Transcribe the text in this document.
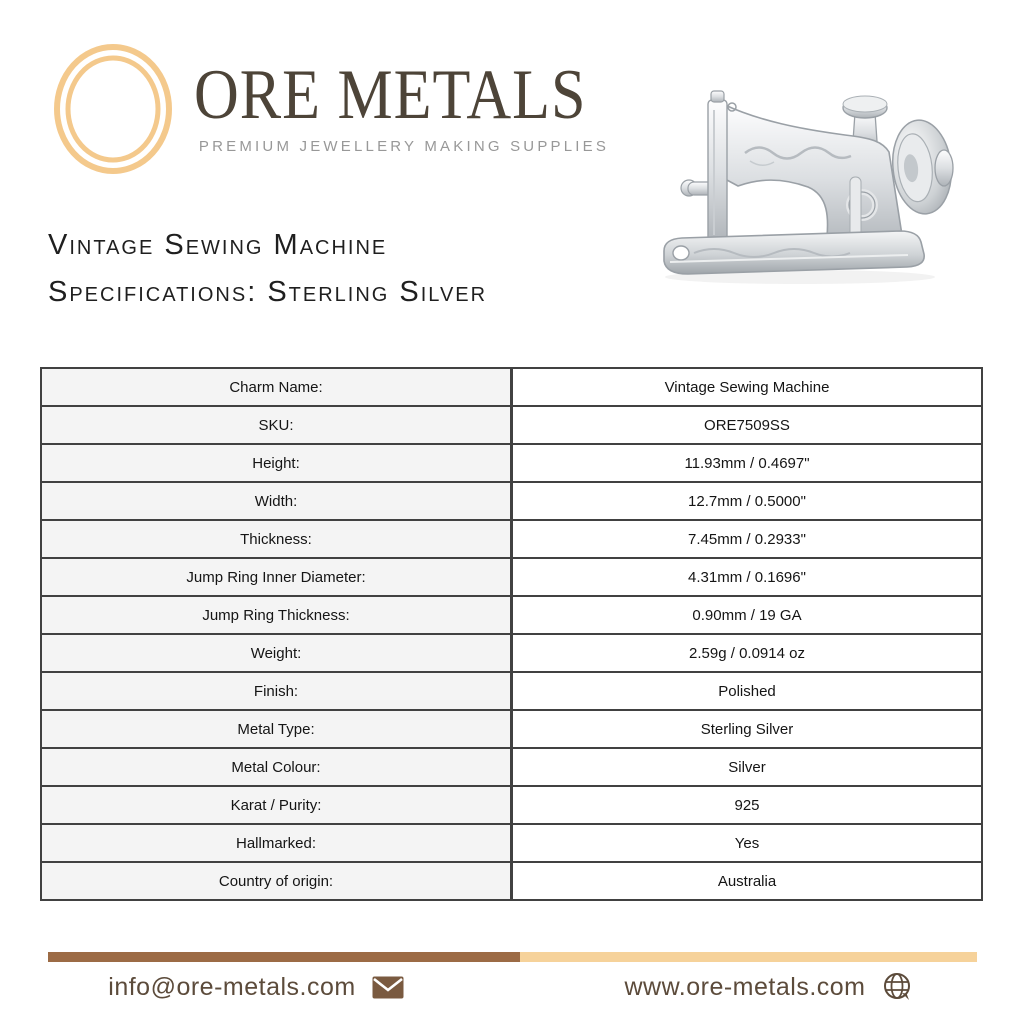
ORE METALS
PREMIUM JEWELLERY MAKING SUPPLIES
Vintage Sewing Machine
Specifications: Sterling Silver
Charm Name:	Vintage Sewing Machine
SKU:	ORE7509SS
Height:	11.93mm / 0.4697"
Width:	12.7mm / 0.5000"
Thickness:	7.45mm / 0.2933"
Jump Ring Inner Diameter:	4.31mm / 0.1696"
Jump Ring Thickness:	0.90mm / 19 GA
Weight:	2.59g / 0.0914 oz
Finish:	Polished
Metal Type:	Sterling Silver
Metal Colour:	Silver
Karat / Purity:	925
Hallmarked:	Yes
Country of origin:	Australia
info@ore-metals.com	www.ore-metals.com
